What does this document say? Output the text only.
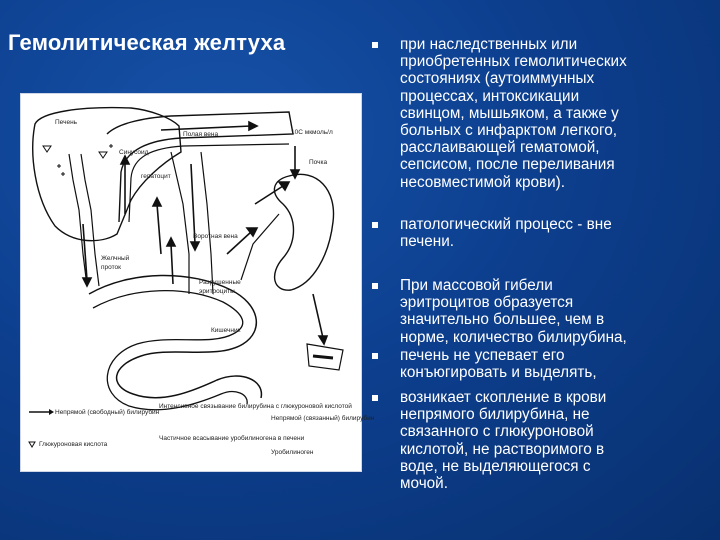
Гемолитическая желтуха
Печень
Полая вена	10С мкмоль/л
Синусоид
гепатоцит
Почка
Воротная вена
Желчный
проток
Разрушенные
эритроциты
Кишечник
Непрямой (свободный) билирубин
Интенсивное связывание билирубина с глюкуроновой кислотой
Непрямой (связанный) билирубин
Глюкуроновая кислота
Частичное всасывание уробилиногена в печени
Уробилиноген
при наследственных или
приобретенных гемолитических
состояниях (аутоиммунных
процессах, интоксикации
свинцом, мышьяком, а также у
больных с инфарктом легкого,
расслаивающей гематомой,
сепсисом, после переливания
несовместимой крови).
патологический процесс - вне
печени.
При массовой гибели
эритроцитов образуется
значительно большее, чем в
норме, количество билирубина,
печень не успевает его
конъюгировать и выделять,
возникает скопление в крови
непрямого билирубина, не
связанного с глюкуроновой
кислотой, не растворимого в
воде, не выделяющегося с
мочой.
